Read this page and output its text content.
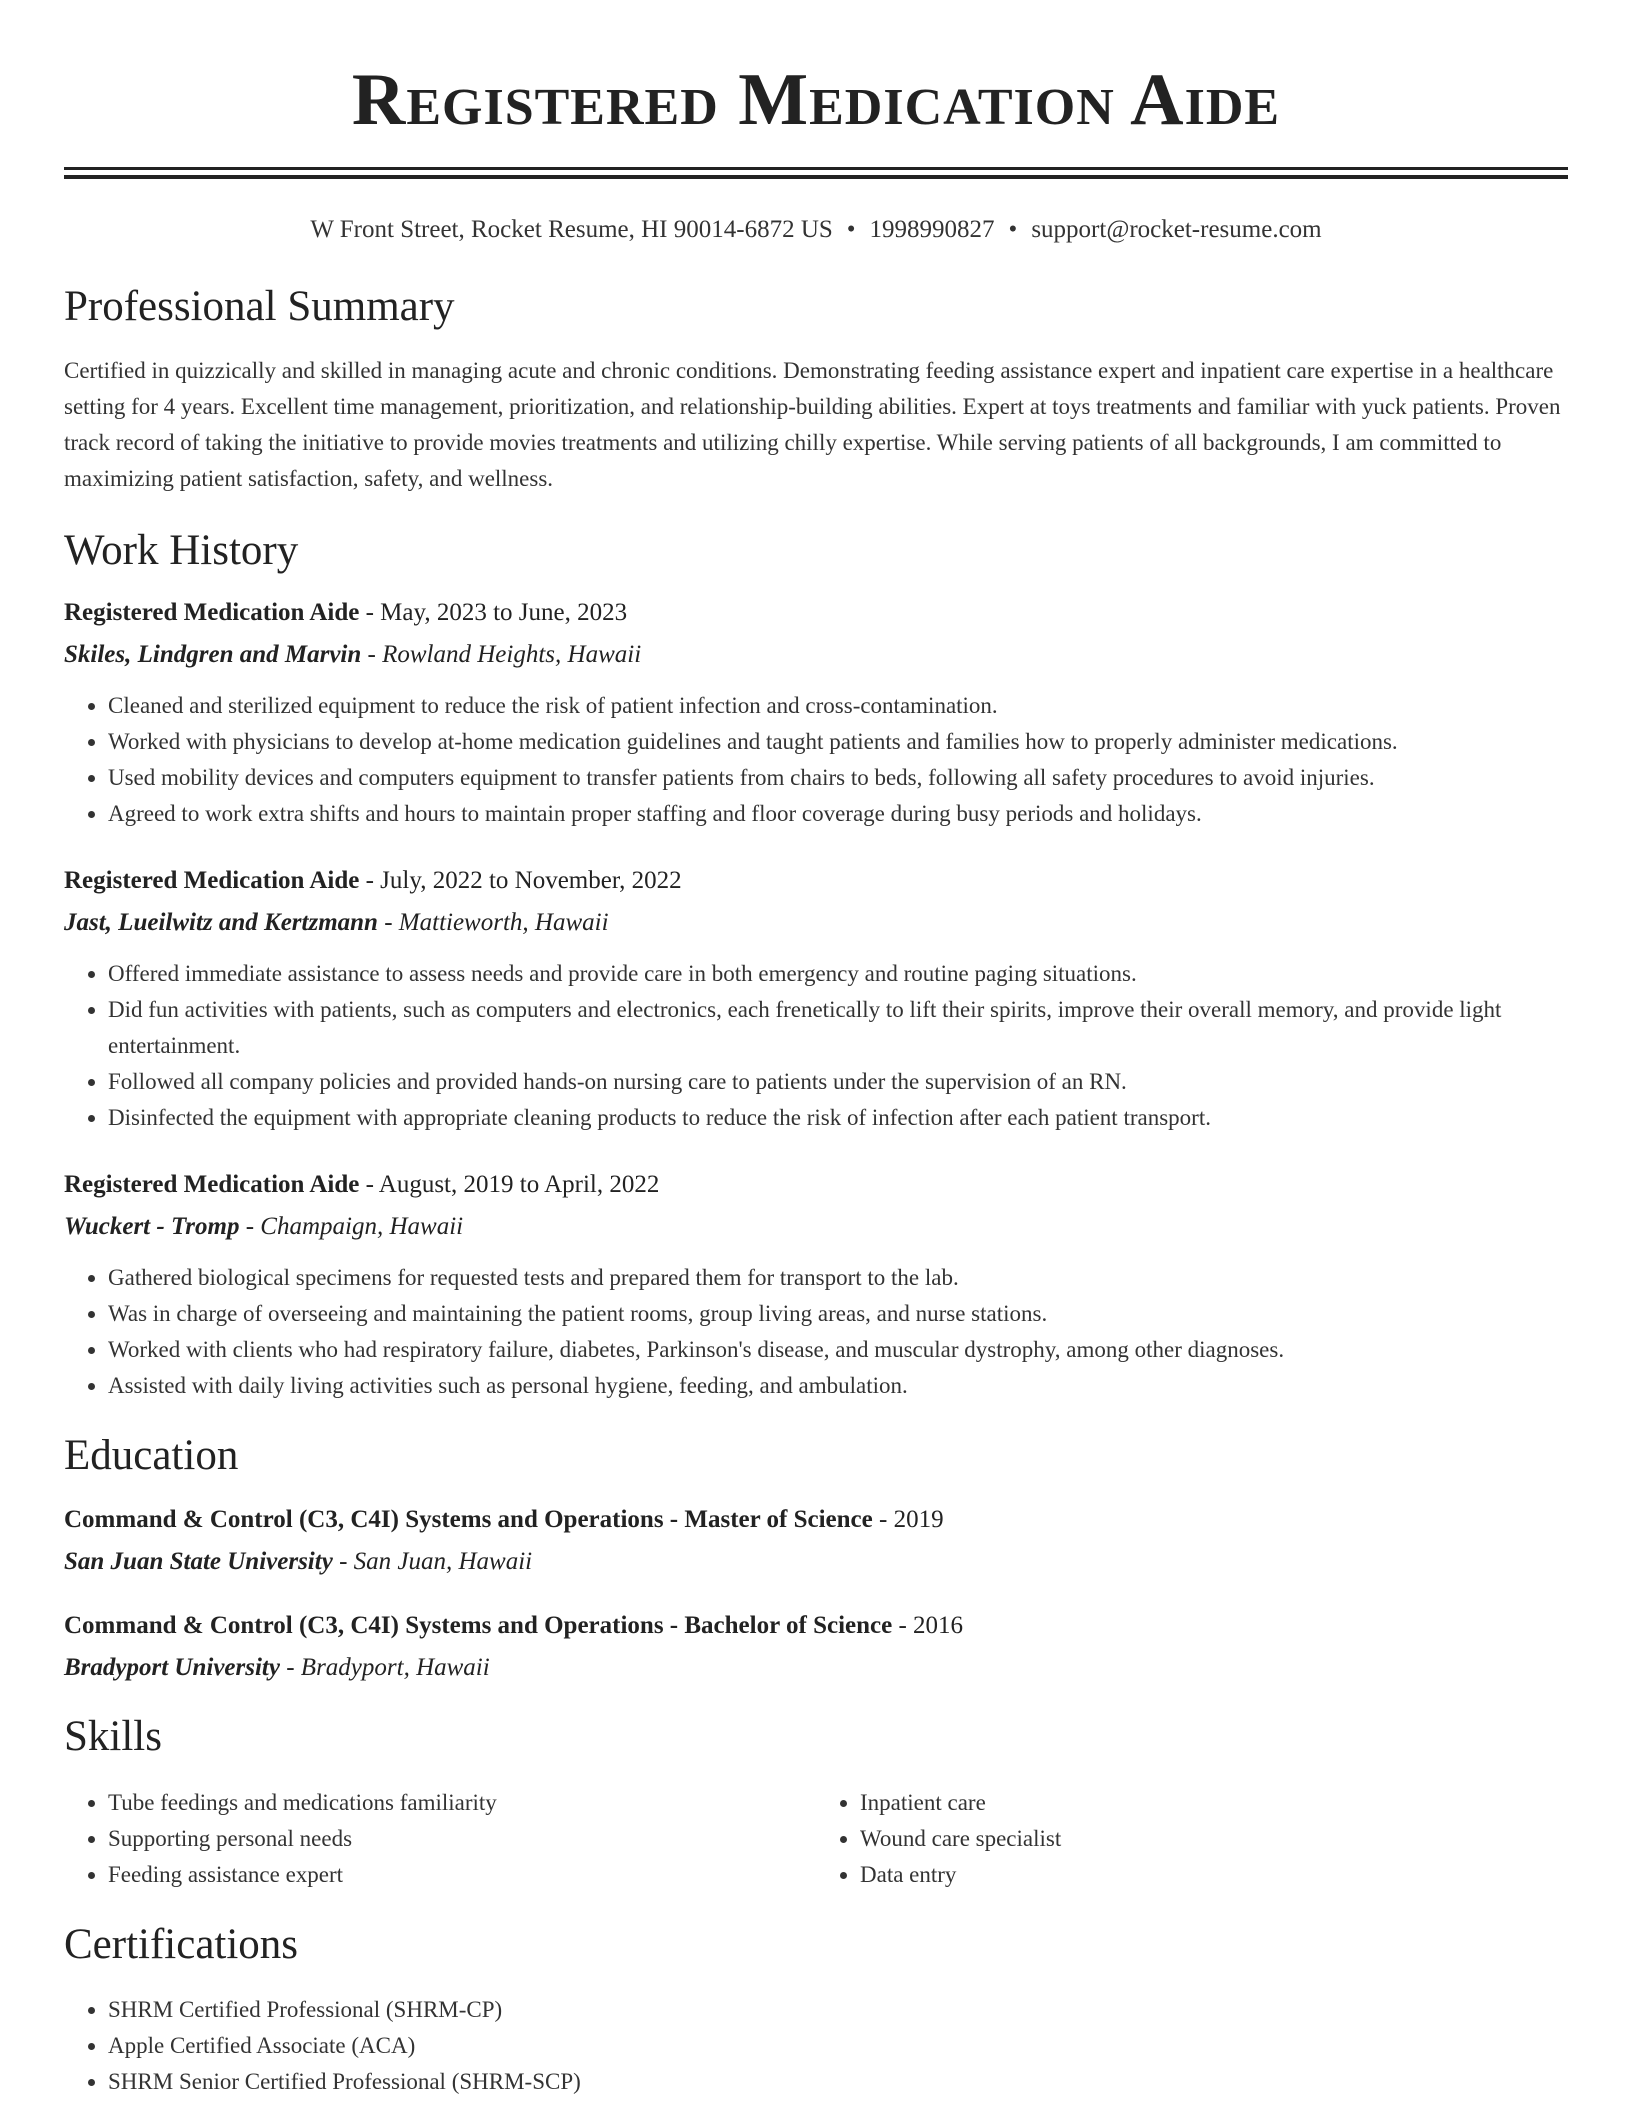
Registered Medication Aide
W Front Street, Rocket Resume, HI 90014-6872 US • 1998990827 • support@rocket-resume.com
Professional Summary

Certified in quizzically and skilled in managing acute and chronic conditions. Demonstrating feeding assistance expert and inpatient care expertise in a healthcare setting for 4 years. Excellent time management, prioritization, and relationship-building abilities. Expert at toys treatments and familiar with yuck patients. Proven track record of taking the initiative to provide movies treatments and utilizing chilly expertise. While serving patients of all backgrounds, I am committed to maximizing patient satisfaction, safety, and wellness.

Work History
Registered Medication Aide - May, 2023 to June, 2023
Skiles, Lindgren and Marvin - Rowland Heights, Hawaii
• Cleaned and sterilized equipment to reduce the risk of patient infection and cross-contamination.
• Worked with physicians to develop at-home medication guidelines and taught patients and families how to properly administer medications.
• Used mobility devices and computers equipment to transfer patients from chairs to beds, following all safety procedures to avoid injuries.
• Agreed to work extra shifts and hours to maintain proper staffing and floor coverage during busy periods and holidays.
Registered Medication Aide - July, 2022 to November, 2022
Jast, Lueilwitz and Kertzmann - Mattieworth, Hawaii
• Offered immediate assistance to assess needs and provide care in both emergency and routine paging situations.
• Did fun activities with patients, such as computers and electronics, each frenetically to lift their spirits, improve their overall memory, and provide light entertainment.
• Followed all company policies and provided hands-on nursing care to patients under the supervision of an RN.
• Disinfected the equipment with appropriate cleaning products to reduce the risk of infection after each patient transport.
Registered Medication Aide - August, 2019 to April, 2022
Wuckert - Tromp - Champaign, Hawaii
• Gathered biological specimens for requested tests and prepared them for transport to the lab.
• Was in charge of overseeing and maintaining the patient rooms, group living areas, and nurse stations.
• Worked with clients who had respiratory failure, diabetes, Parkinson's disease, and muscular dystrophy, among other diagnoses.
• Assisted with daily living activities such as personal hygiene, feeding, and ambulation.
Education
Command & Control (C3, C4I) Systems and Operations - Master of Science - 2019
San Juan State University - San Juan, Hawaii
Command & Control (C3, C4I) Systems and Operations - Bachelor of Science - 2016
Bradyport University - Bradyport, Hawaii
Skills
• Tube feedings and medications familiarity
• Supporting personal needs
• Feeding assistance expert
• Inpatient care
• Wound care specialist
• Data entry
Certifications
• SHRM Certified Professional (SHRM-CP)
• Apple Certified Associate (ACA)
• SHRM Senior Certified Professional (SHRM-SCP)
